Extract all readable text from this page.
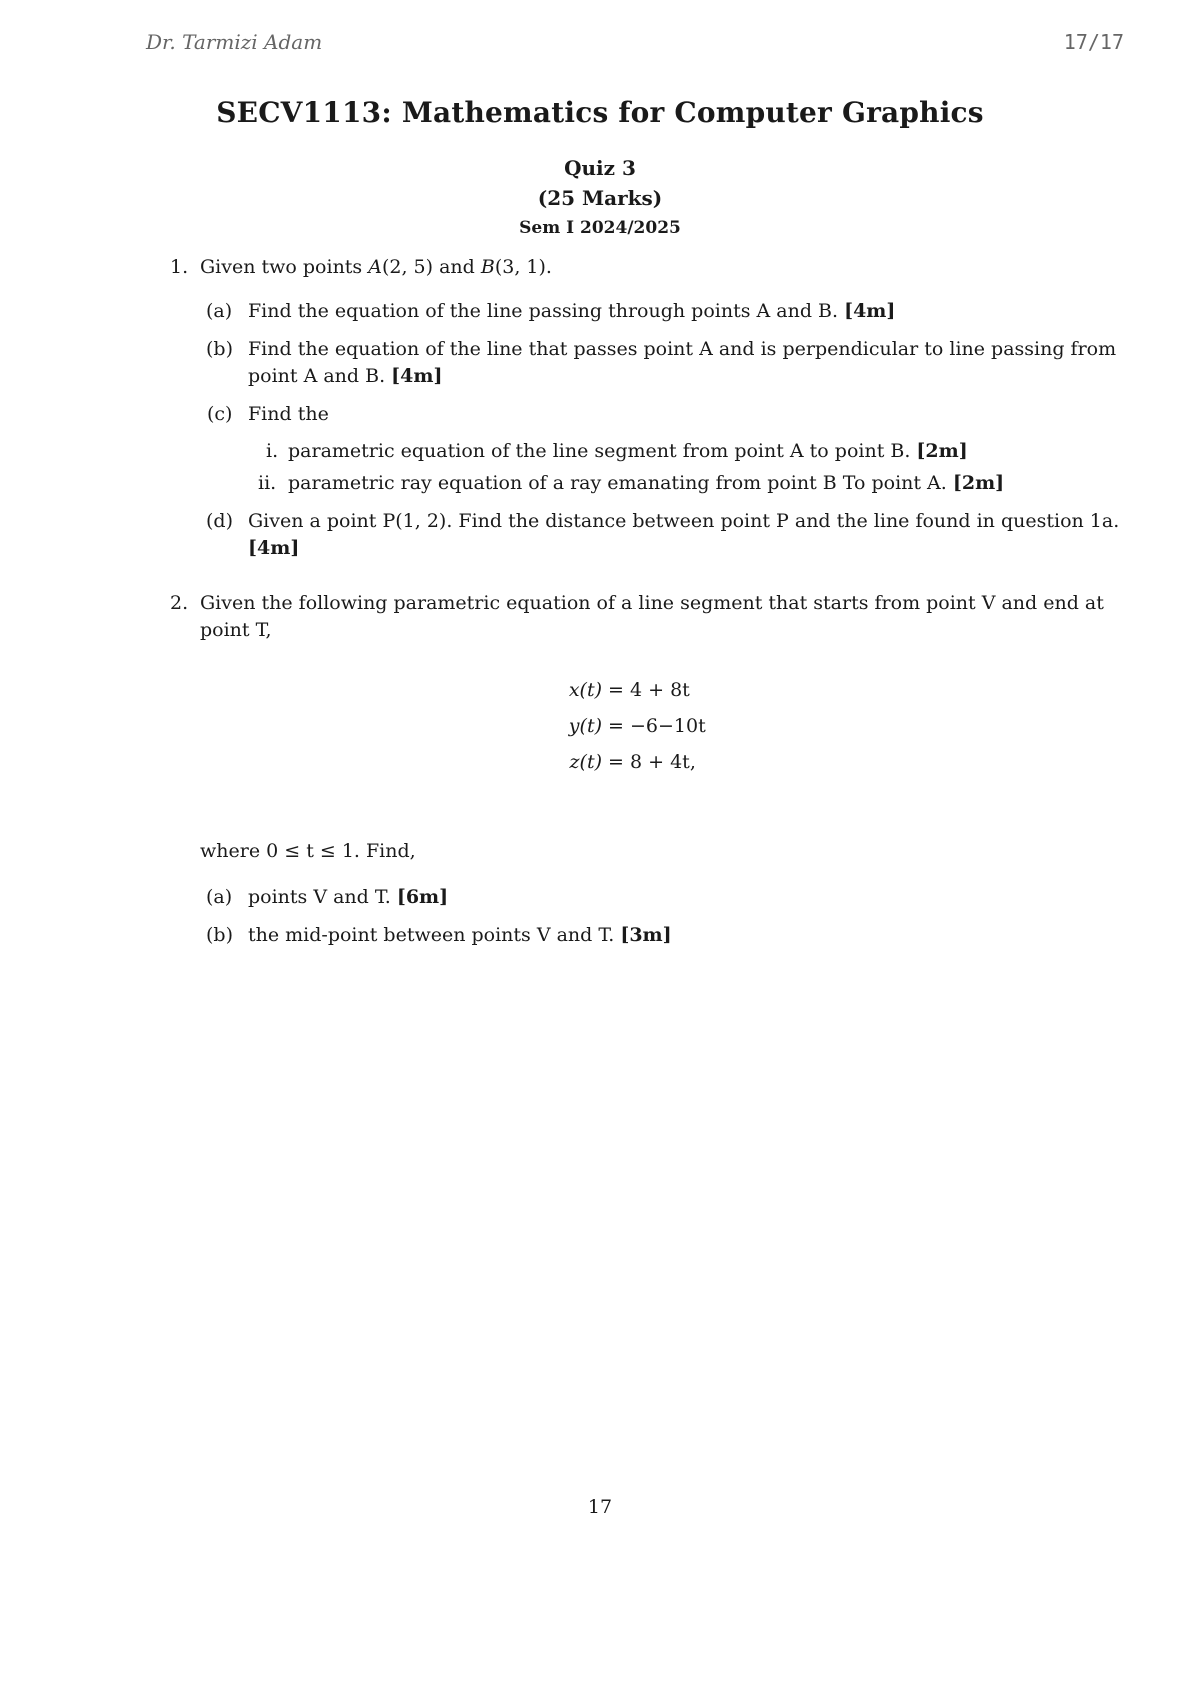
Dr. Tarmizi Adam	17/17
SECV1113: Mathematics for Computer Graphics
Quiz 3
(25 Marks)
Sem I 2024/2025
1. Given two points A(2, 5) and B(3, 1).
(a) Find the equation of the line passing through points A and B. [4m]
(b) Find the equation of the line that passes point A and is perpendicular to line passing from
point A and B. [4m]
(c) Find the
i. parametric equation of the line segment from point A to point B. [2m]
ii. parametric ray equation of a ray emanating from point B To point A. [2m]
(d) Given a point P(1, 2). Find the distance between point P and the line found in question 1a.
[4m]
2. Given the following parametric equation of a line segment that starts from point V and end at
point T,
x(t) = 4 + 8t
y(t) = −6−10t
z(t) = 8 + 4t,
where 0 ≤ t ≤ 1. Find,
(a) points V and T. [6m]
(b) the mid-point between points V and T. [3m]
17
